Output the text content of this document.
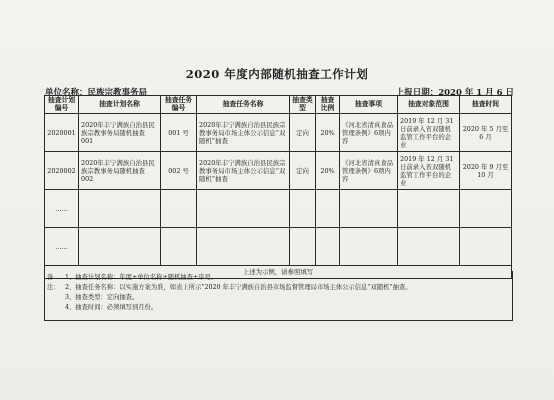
2020 年度内部随机抽查工作计划
单位名称：民族宗教事务局	上报日期：2020 年 1 月 6 日
抽查计划编号	抽查计划名称	抽查任务编号	抽查任务名称	抽查类型	抽查比例	抽查事项	抽查对象范围	抽查时间
2020001	2020年丰宁满族自治县民族宗教事务局随机抽查 001	001 号	2020年丰宁满族自治县民族宗教事务局市场主体公示信息“双随机”抽查	定向	20%	《河北省清真食品管理条例》6项内容	2019 年 12 月 31 日前录入省双随机监管工作平台的企业	2020 年 5 月至 6 月
2020002	2020年丰宁满族自治县民族宗教事务局随机抽查 002	002 号	2020年丰宁满族自治县民族宗教事务局市场主体公示信息“双随机”抽查	定向	20%	《河北省清真食品管理条例》6项内容	2019 年 12 月 31 日前录入省双随机监管工作平台的企业	2020 年 9 月至 10 月
……								
……								
上述为示例，请参照填写								
备注：
1、抽查计划名称：年度+单位名称+随机抽查+序号。
2、抽查任务名称：以实施方案为准，如表上所示“2020 年丰宁满族自治县市场监督管理局市场主体公示信息“双随机”抽查。
3、抽查类型：定向抽查。
4、抽查时间：必须填写到月份。
